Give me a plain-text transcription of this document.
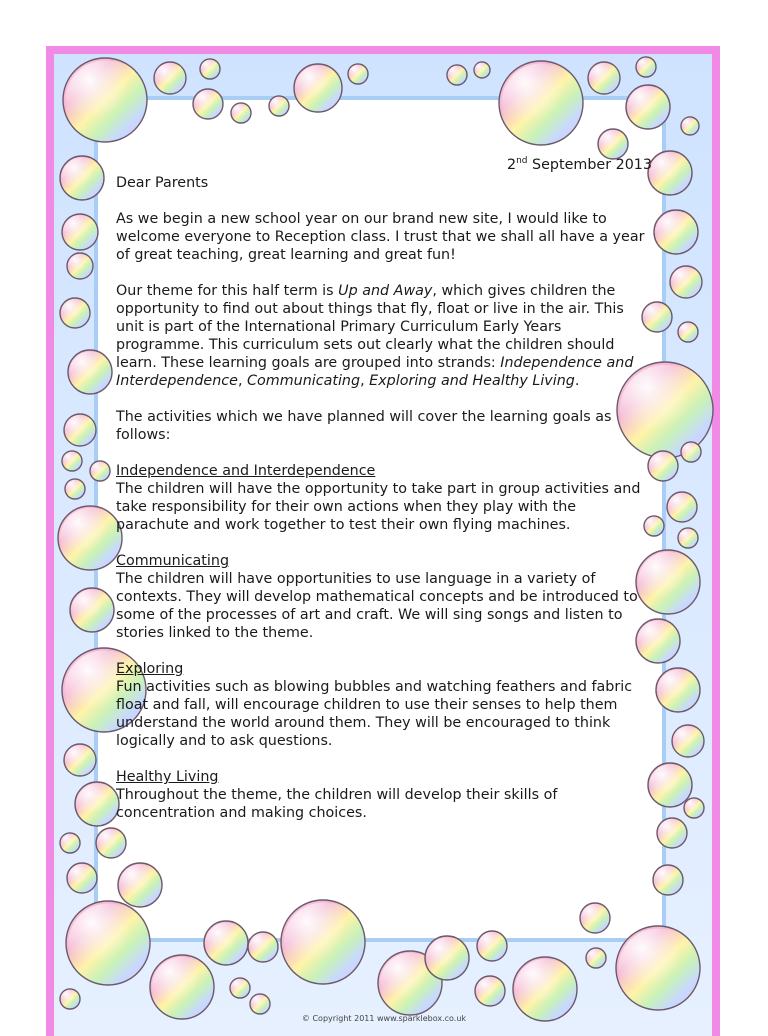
2nd September 2013

Dear Parents

As we begin a new school year on our brand new site, I would like to welcome everyone to Reception class. I trust that we shall all have a year of great teaching, great learning and great fun!

Our theme for this half term is Up and Away, which gives children the opportunity to find out about things that fly, float or live in the air. This unit is part of the International Primary Curriculum Early Years programme. This curriculum sets out clearly what the children should learn. These learning goals are grouped into strands: Independence and Interdependence, Communicating, Exploring and Healthy Living.

The activities which we have planned will cover the learning goals as follows:

Independence and Interdependence

The children will have the opportunity to take part in group activities and take responsibility for their own actions when they play with the parachute and work together to test their own flying machines.

Communicating

The children will have opportunities to use language in a variety of contexts. They will develop mathematical concepts and be introduced to some of the processes of art and craft. We will sing songs and listen to stories linked to the theme.

Exploring

Fun activities such as blowing bubbles and watching feathers and fabric float and fall, will encourage children to use their senses to help them understand the world around them. They will be encouraged to think logically and to ask questions.

Healthy Living

Throughout the theme, the children will develop their skills of concentration and making choices.

© Copyright 2011 www.sparklebox.co.uk
